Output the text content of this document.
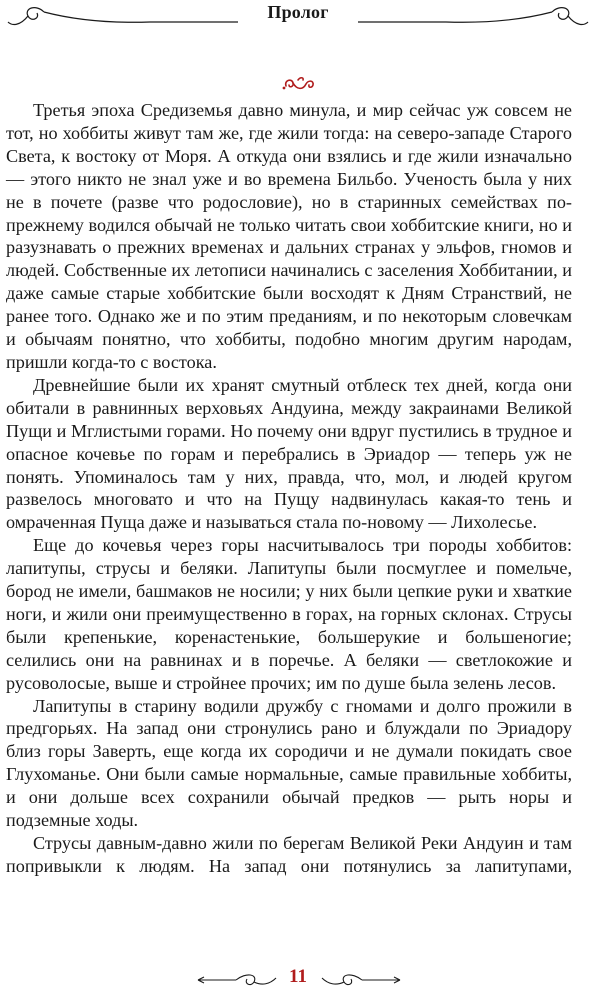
Пролог

Третья эпоха Средиземья давно минула, и мир сейчас уж совсем не тот, но хоббиты живут там же, где жили тогда: на северо-западе Старого Света, к востоку от Моря. А откуда они взялись и где жили изначально — этого никто не знал уже и во времена Бильбо. Ученость была у них не в почете (разве что родословие), но в старинных семействах по-прежнему водился обычай не только читать свои хоббитские книги, но и разузнавать о прежних временах и дальних странах у эльфов, гномов и людей. Собственные их летописи начинались с заселения Хоббитании, и даже самые старые хоббитские были восходят к Дням Странствий, не ранее того. Однако же и по этим преданиям, и по некоторым словечкам и обычаям понятно, что хоббиты, подобно многим другим народам, пришли когда-то с востока.

Древнейшие были их хранят смутный отблеск тех дней, когда они обитали в равнинных верховьях Андуина, между закраинами Великой Пущи и Мглистыми горами. Но почему они вдруг пустились в трудное и опасное кочевье по горам и перебрались в Эриадор — теперь уж не понять. Упоминалось там у них, правда, что, мол, и людей кругом развелось многовато и что на Пущу надвинулась какая-то тень и омраченная Пуща даже и называться стала по-новому — Лихолесье.

Еще до кочевья через горы насчитывалось три породы хоббитов: лапитупы, струсы и беляки. Лапитупы были посмуглее и помельче, бород не имели, башмаков не носили; у них были цепкие руки и хваткие ноги, и жили они преимущественно в горах, на горных склонах. Струсы были крепенькие, коренастенькие, большерукие и большеногие; селились они на равнинах и в поречье. А беляки — светлокожие и русоволосые, выше и стройнее прочих; им по душе была зелень лесов.

Лапитупы в старину водили дружбу с гномами и долго прожили в предгорьях. На запад они стронулись рано и блуждали по Эриадору близ горы Заверть, еще когда их сородичи и не думали покидать свое Глухоманье. Они были самые нормальные, самые правильные хоббиты, и они дольше всех сохранили обычай предков — рыть норы и подземные ходы.

Струсы давным-давно жили по берегам Великой Реки Андуин и там попривыкли к людям. На запад они потянулись за лапитупами,

11
